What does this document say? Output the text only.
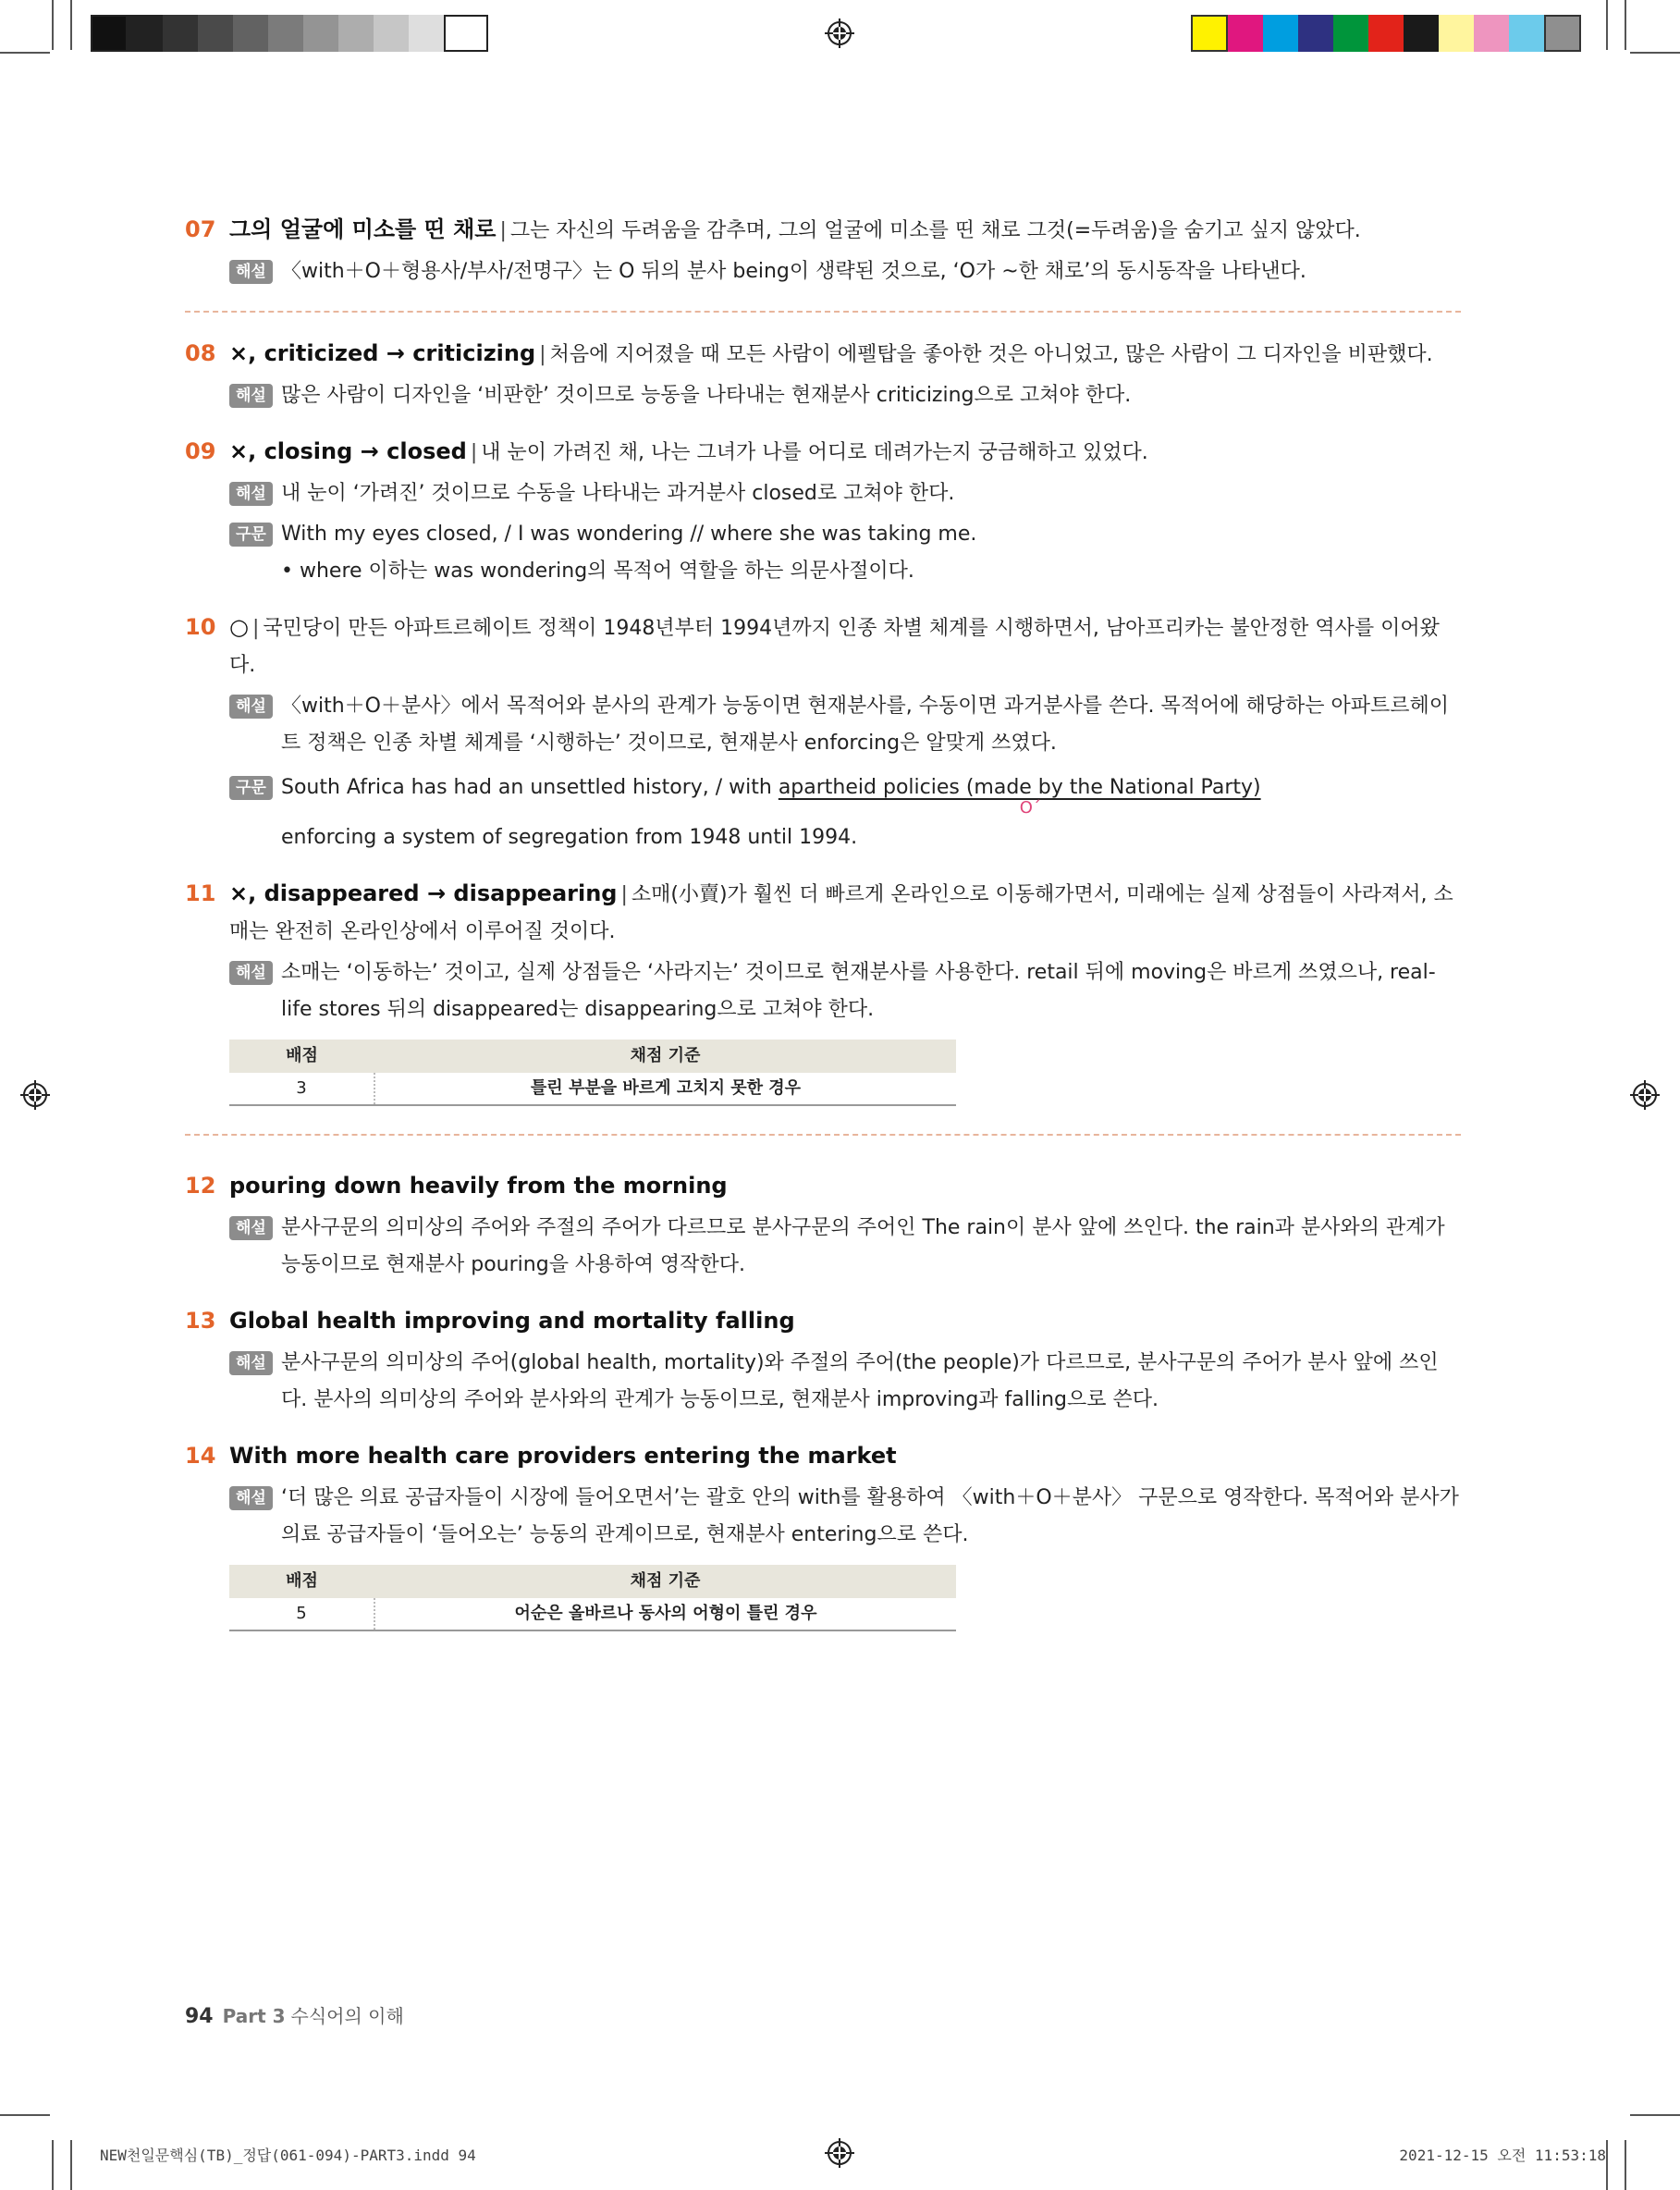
07 그의 얼굴에 미소를 띤 채로 | 그는 자신의 두려움을 감추며, 그의 얼굴에 미소를 띤 채로 그것(=두려움)을 숨기고 싶지 않았다.
해설 〈with＋O＋형용사/부사/전명구〉는 O 뒤의 분사 being이 생략된 것으로, ‘O가 ~한 채로’의 동시동작을 나타낸다.
08 ×, criticized → criticizing | 처음에 지어졌을 때 모든 사람이 에펠탑을 좋아한 것은 아니었고, 많은 사람이 그 디자인을 비판했다.
해설 많은 사람이 디자인을 ‘비판한’ 것이므로 능동을 나타내는 현재분사 criticizing으로 고쳐야 한다.
09 ×, closing → closed | 내 눈이 가려진 채, 나는 그녀가 나를 어디로 데려가는지 궁금해하고 있었다.
해설 내 눈이 ‘가려진’ 것이므로 수동을 나타내는 과거분사 closed로 고쳐야 한다.
구문 With my eyes closed, / I was wondering // where she was taking me.
• where 이하는 was wondering의 목적어 역할을 하는 의문사절이다.
10 ○ | 국민당이 만든 아파트르헤이트 정책이 1948년부터 1994년까지 인종 차별 체계를 시행하면서, 남아프리카는 불안정한 역사를 이어왔다.
해설 〈with＋O＋분사〉에서 목적어와 분사의 관계가 능동이면 현재분사를, 수동이면 과거분사를 쓴다. 목적어에 해당하는 아파트르헤이트 정책은 인종 차별 체계를 ‘시행하는’ 것이므로, 현재분사 enforcing은 알맞게 쓰였다.
구문 South Africa has had an unsettled history, / with apartheid policies (made by the National Party)
O´
enforcing a system of segregation from 1948 until 1994.
11 ×, disappeared → disappearing | 소매(小賣)가 훨씬 더 빠르게 온라인으로 이동해가면서, 미래에는 실제 상점들이 사라져서, 소매는 완전히 온라인상에서 이루어질 것이다.
해설 소매는 ‘이동하는’ 것이고, 실제 상점들은 ‘사라지는’ 것이므로 현재분사를 사용한다. retail 뒤에 moving은 바르게 쓰였으나, real-life stores 뒤의 disappeared는 disappearing으로 고쳐야 한다.
배점	채점 기준
3	틀린 부분을 바르게 고치지 못한 경우
12 pouring down heavily from the morning
해설 분사구문의 의미상의 주어와 주절의 주어가 다르므로 분사구문의 주어인 The rain이 분사 앞에 쓰인다. the rain과 분사와의 관계가 능동이므로 현재분사 pouring을 사용하여 영작한다.
13 Global health improving and mortality falling
해설 분사구문의 의미상의 주어(global health, mortality)와 주절의 주어(the people)가 다르므로, 분사구문의 주어가 분사 앞에 쓰인다. 분사의 의미상의 주어와 분사와의 관계가 능동이므로, 현재분사 improving과 falling으로 쓴다.
14 With more health care providers entering the market
해설 ‘더 많은 의료 공급자들이 시장에 들어오면서’는 괄호 안의 with를 활용하여 〈with＋O＋분사〉 구문으로 영작한다. 목적어와 분사가 의료 공급자들이 ‘들어오는’ 능동의 관계이므로, 현재분사 entering으로 쓴다.
배점	채점 기준
5	어순은 올바르나 동사의 어형이 틀린 경우
94 Part 3 수식어의 이해
NEW천일문핵심(TB)_정답(061-094)-PART3.indd 94	2021-12-15 오전 11:53:18
